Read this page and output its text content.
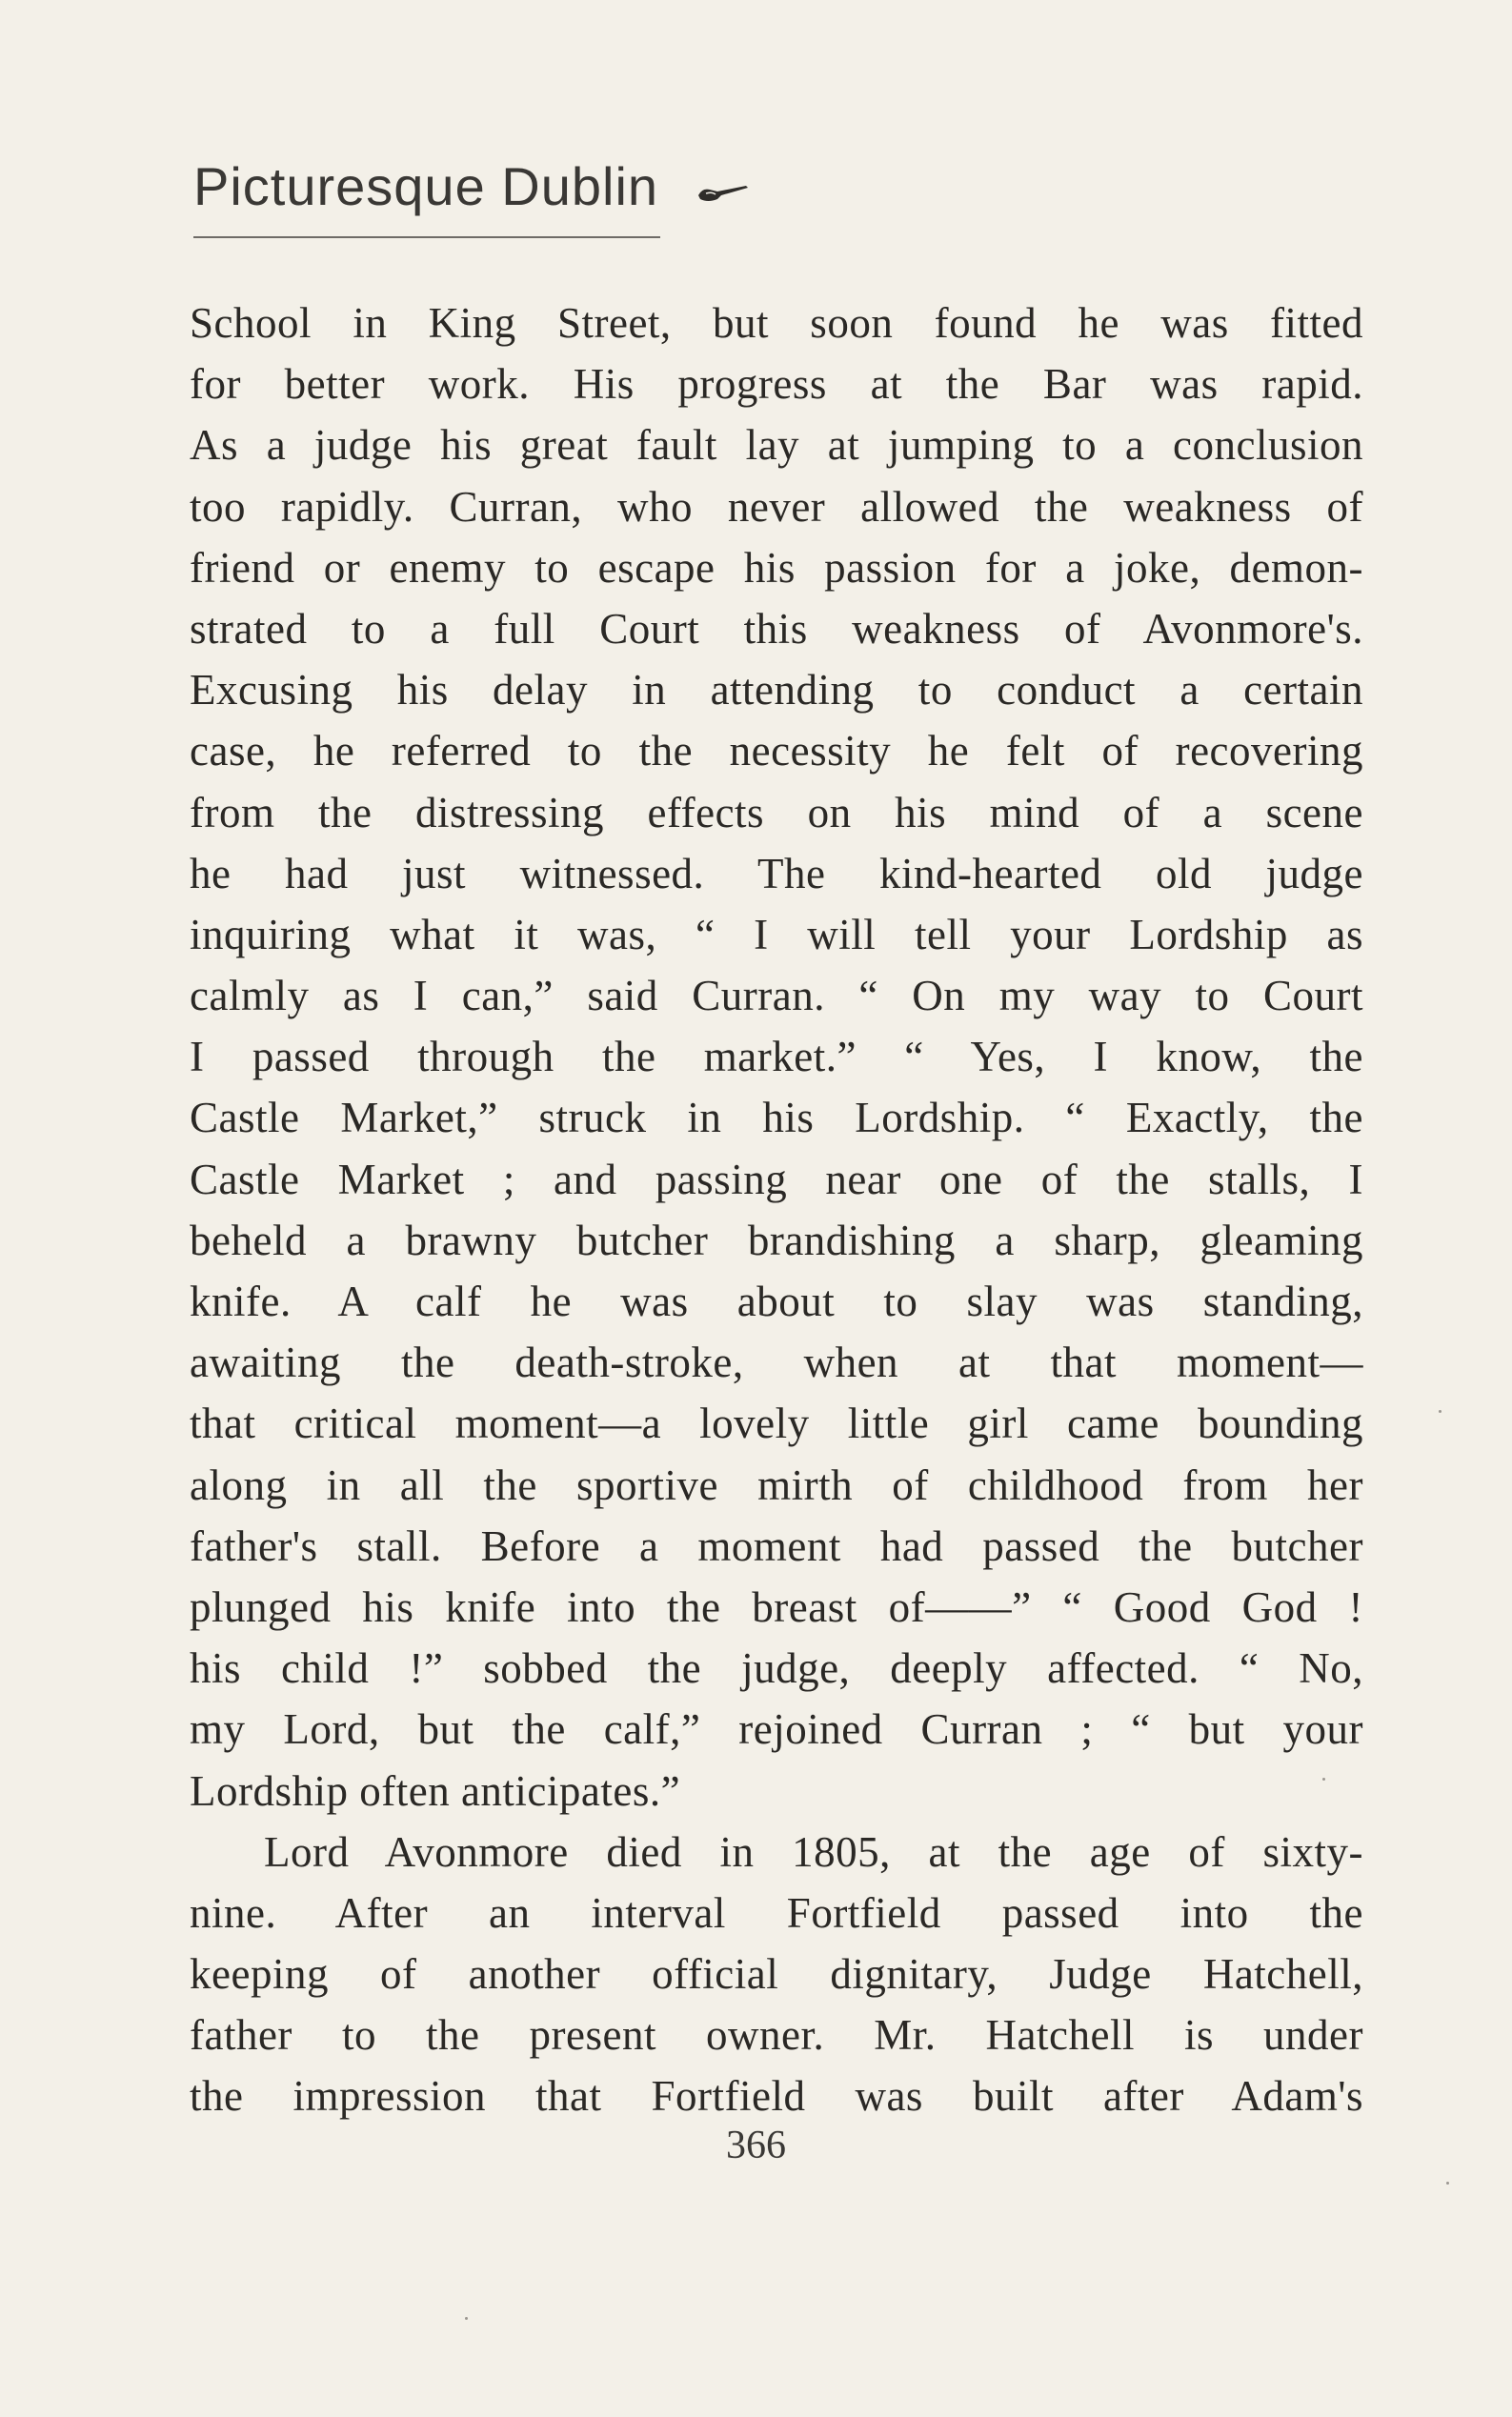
Picturesque Dublin
School in King Street, but soon found he was fitted
for better work. His progress at the Bar was rapid.
As a judge his great fault lay at jumping to a conclusion
too rapidly. Curran, who never allowed the weakness of
friend or enemy to escape his passion for a joke, demon-
strated to a full Court this weakness of Avonmore's.
Excusing his delay in attending to conduct a certain
case, he referred to the necessity he felt of recovering
from the distressing effects on his mind of a scene
he had just witnessed. The kind-hearted old judge
inquiring what it was, “ I will tell your Lordship as
calmly as I can,” said Curran. “ On my way to Court
I passed through the market.” “ Yes, I know, the
Castle Market,” struck in his Lordship. “ Exactly, the
Castle Market ; and passing near one of the stalls, I
beheld a brawny butcher brandishing a sharp, gleaming
knife. A calf he was about to slay was standing,
awaiting the death-stroke, when at that moment—
that critical moment—a lovely little girl came bounding
along in all the sportive mirth of childhood from her
father's stall. Before a moment had passed the butcher
plunged his knife into the breast of——” “ Good God !
his child !” sobbed the judge, deeply affected. “ No,
my Lord, but the calf,” rejoined Curran ; “ but your
Lordship often anticipates.”
Lord Avonmore died in 1805, at the age of sixty-
nine. After an interval Fortfield passed into the
keeping of another official dignitary, Judge Hatchell,
father to the present owner. Mr. Hatchell is under
the impression that Fortfield was built after Adam's
366
